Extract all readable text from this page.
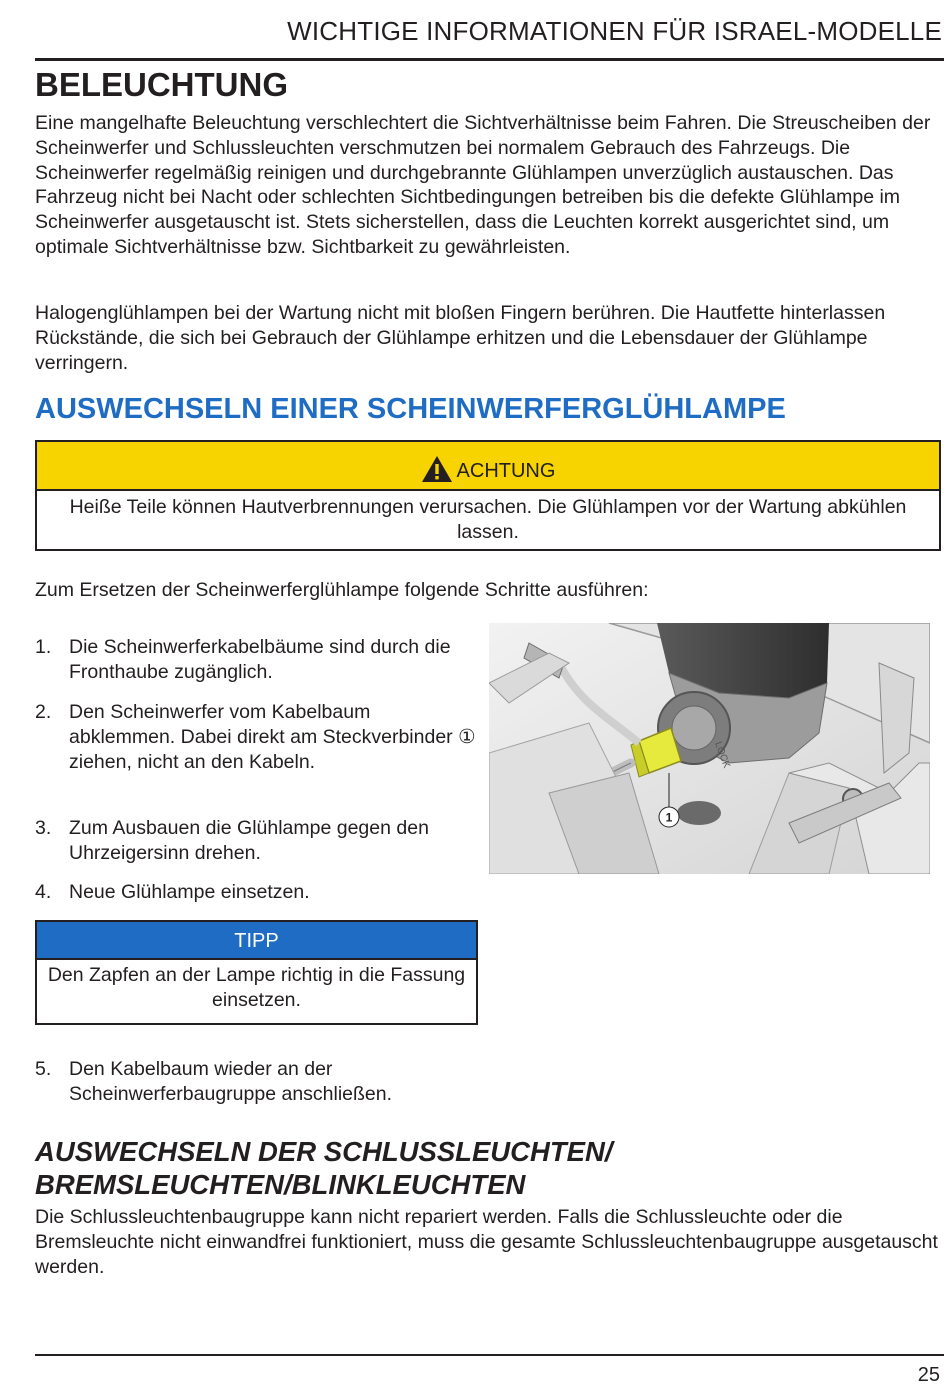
WICHTIGE INFORMATIONEN FÜR ISRAEL-MODELLE
BELEUCHTUNG

Eine mangelhafte Beleuchtung verschlechtert die Sichtverhältnisse beim Fahren. Die Streuscheiben der Scheinwerfer und Schlussleuchten verschmutzen bei normalem Gebrauch des Fahrzeugs. Die Scheinwerfer regelmäßig reinigen und durchgebrannte Glühlampen unverzüglich austauschen. Das Fahrzeug nicht bei Nacht oder schlechten Sichtbedingungen betreiben bis die defekte Glühlampe im Scheinwerfer ausgetauscht ist. Stets sicherstellen, dass die Leuchten korrekt ausgerichtet sind, um optimale Sichtverhältnisse bzw. Sichtbarkeit zu gewährleisten.

Halogenglühlampen bei der Wartung nicht mit bloßen Fingern berühren. Die Hautfette hinterlassen Rückstände, die sich bei Gebrauch der Glühlampe erhitzen und die Lebensdauer der Glühlampe verringern.

AUSWECHSELN EINER SCHEINWERFERGLÜHLAMPE
ACHTUNG
Heiße Teile können Hautverbrennungen verursachen. Die Glühlampen vor der Wartung abkühlen lassen.

Zum Ersetzen der Scheinwerferglühlampe folgende Schritte ausführen:

1. Die Scheinwerferkabelbäume sind durch die Fronthaube zugänglich.
2. Den Scheinwerfer vom Kabelbaum abklemmen. Dabei direkt am Steckverbinder ① ziehen, nicht an den Kabeln.
3. Zum Ausbauen die Glühlampe gegen den Uhrzeigersinn drehen.
4. Neue Glühlampe einsetzen.
LOCK
1
TIPP
Den Zapfen an der Lampe richtig in die Fassung einsetzen.
5. Den Kabelbaum wieder an der Scheinwerferbaugruppe anschließen.
AUSWECHSELN DER SCHLUSSLEUCHTEN/
BREMSLEUCHTEN/BLINKLEUCHTEN

Die Schlussleuchtenbaugruppe kann nicht repariert werden. Falls die Schlussleuchte oder die Bremsleuchte nicht einwandfrei funktioniert, muss die gesamte Schlussleuchtenbaugruppe ausgetauscht werden.

25
